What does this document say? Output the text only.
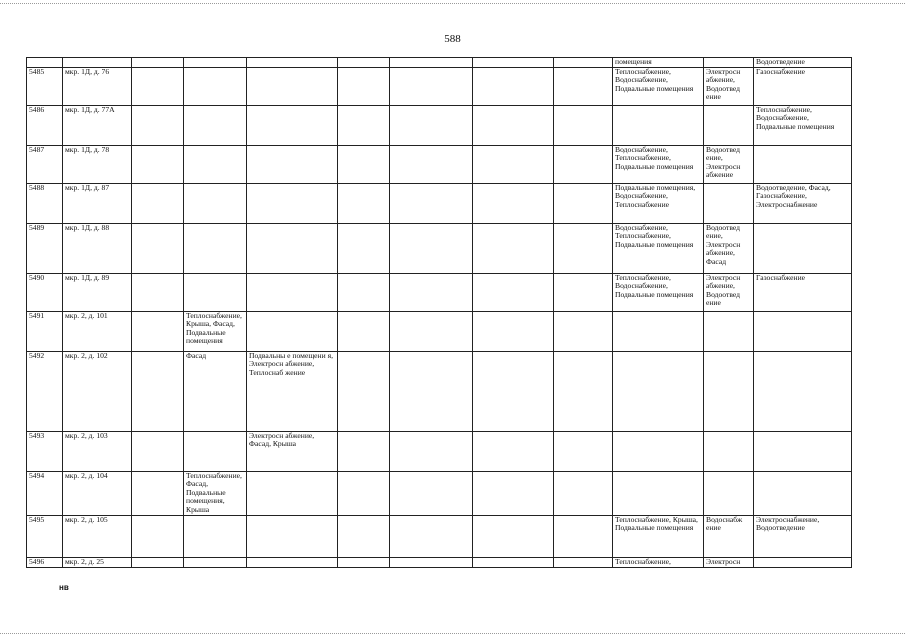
588
									помещения		Водоотведение
5485	мкр. 1Д, д. 76								Теплоснабжение, Водоснабжение, Подвальные помещения	Электросн абжение, Водоотвед ение	Газоснабжение
5486	мкр. 1Д, д. 77А										Теплоснабжение, Водоснабжение, Подвальные помещения
5487	мкр. 1Д, д. 78								Водоснабжение, Теплоснабжение, Подвальные помещения	Водоотвед ение, Электросн абжение	
5488	мкр. 1Д, д. 87								Подвальные помещения, Водоснабжение, Теплоснабжение		Водоотведение, Фасад, Газоснабжение, Электроснабжение
5489	мкр. 1Д, д. 88								Водоснабжение, Теплоснабжение, Подвальные помещения	Водоотвед ение, Электросн абжение, Фасад	
5490	мкр. 1Д, д. 89								Теплоснабжение, Водоснабжение, Подвальные помещения	Электросн абжение, Водоотвед ение	Газоснабжение
5491	мкр. 2, д. 101		Теплоснабжение, Крыша, Фасад, Подвальные помещения								
5492	мкр. 2, д. 102		Фасад	Подвальны е помещени я, Электросн абжение, Теплоснаб жение							
5493	мкр. 2, д. 103			Электросн абжение, Фасад, Крыша							
5494	мкр. 2, д. 104		Теплоснабжение, Фасад, Подвальные помещения, Крыша								
5495	мкр. 2, д. 105								Теплоснабжение, Крыша, Подвальные помещения	Водоснабж ение	Электроснабжение, Водоотведение
5496	мкр. 2, д. 25								Теплоснабжение,	Электросн	
нв
